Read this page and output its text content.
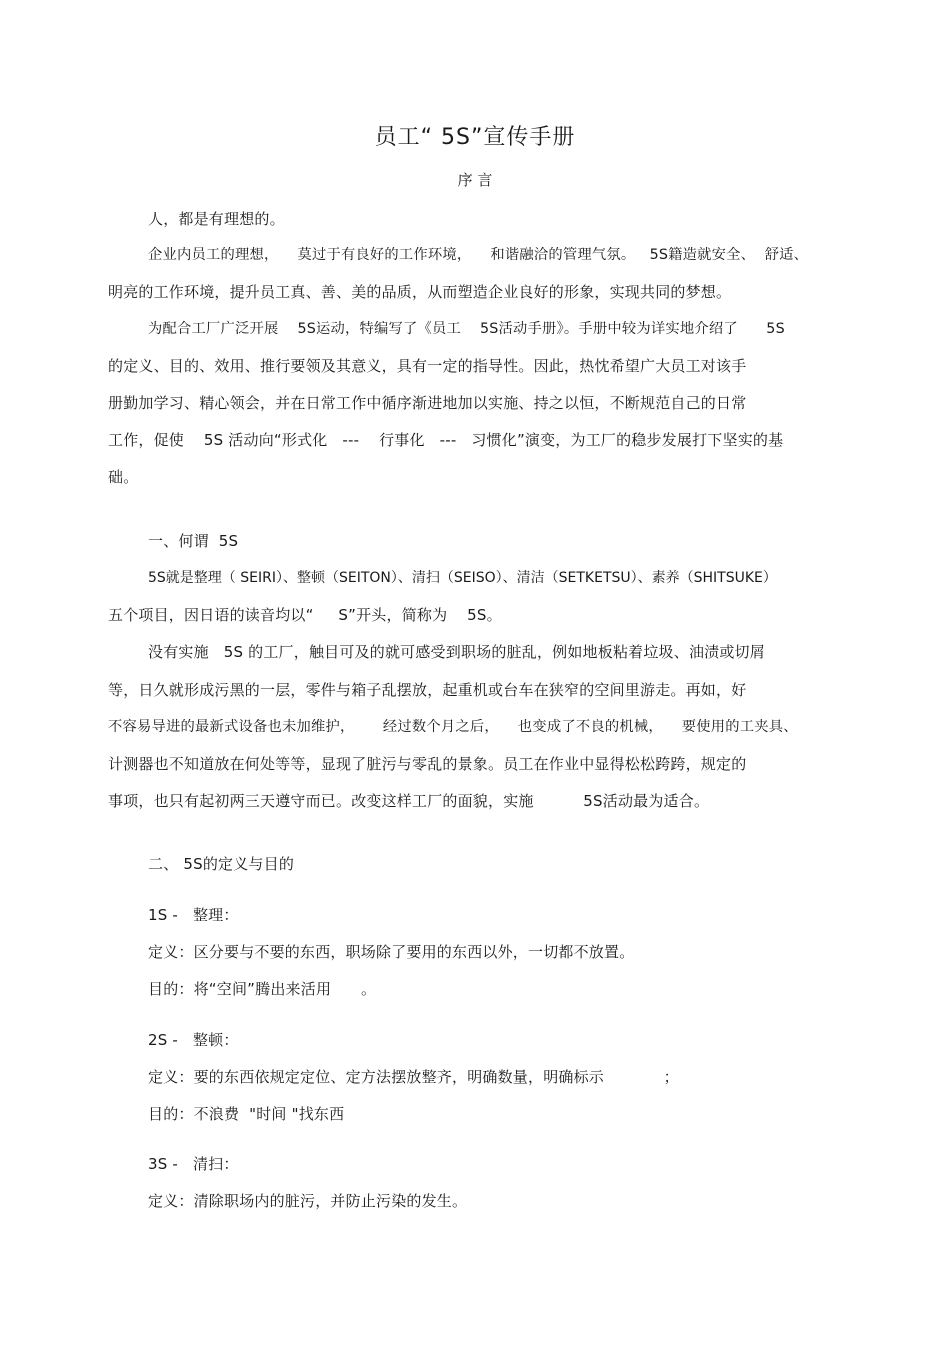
员工“ 5S”宣传手册
序 言
人，都是有理想的。
企业内员工的理想，    莫过于有良好的工作环境，    和谐融洽的管理气氛。   5S籍造就安全、  舒适、
明亮的工作环境，提升员工真、善、美的品质，从而塑造企业良好的形象，实现共同的梦想。
为配合工厂广泛开展    5S运动，特编写了《员工    5S活动手册》。手册中较为详实地介绍了      5S
的定义、目的、效用、推行要领及其意义，具有一定的指导性。因此，热忱希望广大员工对该手
册勤加学习、精心领会，并在日常工作中循序渐进地加以实施、持之以恒，不断规范自己的日常
工作，促使    5S 活动向“形式化   ---    行事化   ---   习惯化”演变，为工厂的稳步发展打下坚实的基
础。
一、何谓  5S
5S就是整理（ SEIRI）、整顿（SEITON）、清扫（SEISO）、清洁（SETKETSU）、素养（SHITSUKE）
五个项目，因日语的读音均以“     S”开头，简称为    5S。
没有实施   5S 的工厂，触目可及的就可感受到职场的脏乱，例如地板粘着垃圾、油渍或切屑
等，日久就形成污黑的一层，零件与箱子乱摆放，起重机或台车在狭窄的空间里游走。再如，好
不容易导进的最新式设备也未加维护，      经过数个月之后，    也变成了不良的机械，    要使用的工夹具、
计测器也不知道放在何处等等，显现了脏污与零乱的景象。员工在作业中显得松松跨跨，规定的
事项，也只有起初两三天遵守而已。改变这样工厂的面貌，实施          5S活动最为适合。
二、 5S的定义与目的
1S -   整理：
定义：区分要与不要的东西，职场除了要用的东西以外，一切都不放置。
目的：将“空间”腾出来活用      。
2S -   整顿：
定义：要的东西依规定定位、定方法摆放整齐，明确数量，明确标示            ；
目的：不浪费  "时间 "找东西
3S -   清扫：
定义：清除职场内的脏污，并防止污染的发生。
